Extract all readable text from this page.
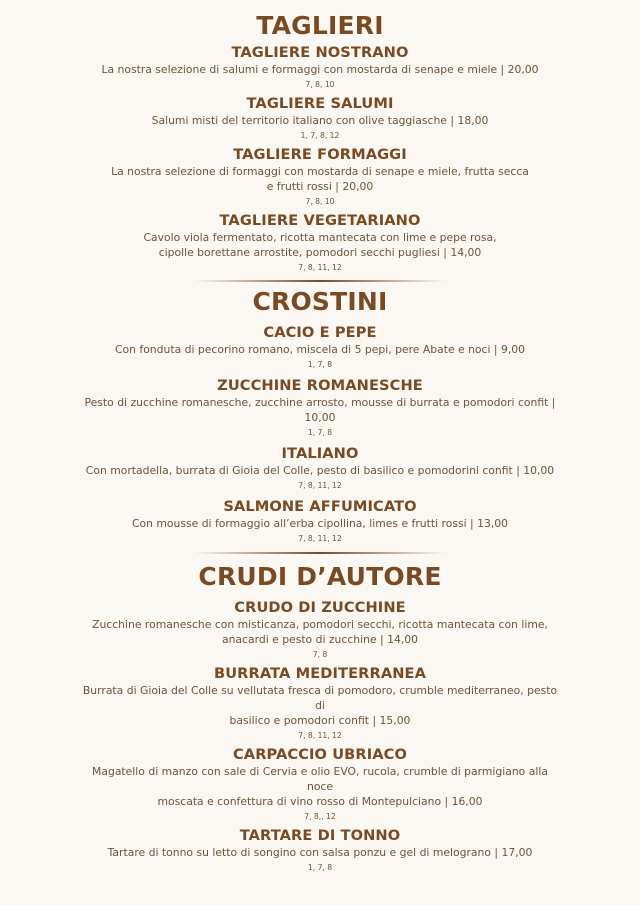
TAGLIERI
TAGLIERE NOSTRANO

La nostra selezione di salumi e formaggi con mostarda di senape e miele | 20,00

7, 8, 10

TAGLIERE SALUMI

Salumi misti del territorio italiano con olive taggiasche | 18,00

1, 7, 8, 12

TAGLIERE FORMAGGI

La nostra selezione di formaggi con mostarda di senape e miele, frutta secca
e frutti rossi | 20,00

7, 8, 10

TAGLIERE VEGETARIANO

Cavolo viola fermentato, ricotta mantecata con lime e pepe rosa,
cipolle borettane arrostite, pomodori secchi pugliesi | 14,00

7, 8, 11, 12

CROSTINI
CACIO E PEPE

Con fonduta di pecorino romano, miscela di 5 pepi, pere Abate e noci | 9,00

1, 7, 8

ZUCCHINE ROMANESCHE

Pesto di zucchine romanesche, zucchine arrosto, mousse di burrata e pomodori confit | 10,00

1, 7, 8

ITALIANO

Con mortadella, burrata di Gioia del Colle, pesto di basilico e pomodorini confit | 10,00

7, 8, 11, 12

SALMONE AFFUMICATO

Con mousse di formaggio all’erba cipollina, limes e frutti rossi | 13,00

7, 8, 11, 12

CRUDI D’AUTORE
CRUDO DI ZUCCHINE

Zucchine romanesche con misticanza, pomodori secchi, ricotta mantecata con lime,
anacardi e pesto di zucchine | 14,00

7, 8

BURRATA MEDITERRANEA

Burrata di Gioia del Colle su vellutata fresca di pomodoro, crumble mediterraneo, pesto di
basilico e pomodori confit | 15,00

7, 8, 11, 12

CARPACCIO UBRIACO

Magatello di manzo con sale di Cervia e olio EVO, rucola, crumble di parmigiano alla noce
moscata e confettura di vino rosso di Montepulciano | 16,00

7, 8,, 12

TARTARE DI TONNO

Tartare di tonno su letto di songino con salsa ponzu e gel di melograno | 17,00

1, 7, 8
